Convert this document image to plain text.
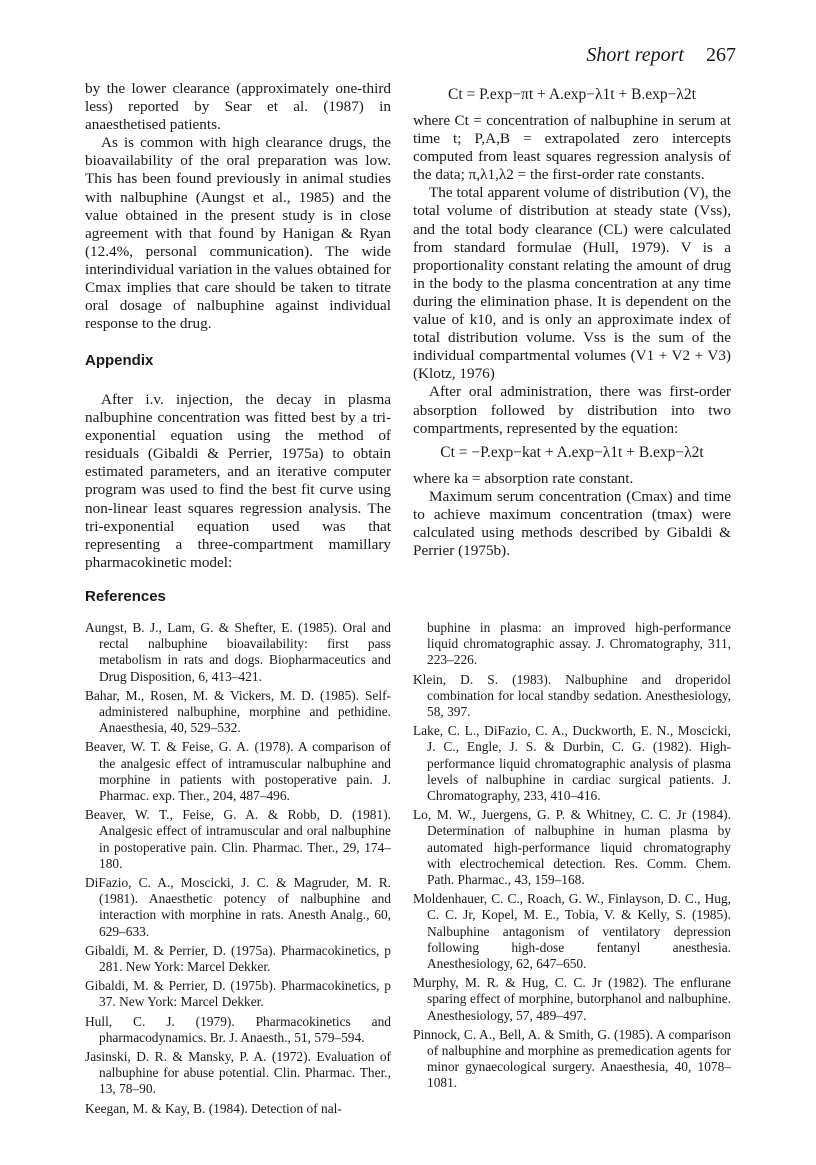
Short report 267

by the lower clearance (approximately one-third less) reported by Sear et al. (1987) in anaesthetised patients.

As is common with high clearance drugs, the bioavailability of the oral preparation was low. This has been found previously in animal studies with nalbuphine (Aungst et al., 1985) and the value obtained in the present study is in close agreement with that found by Hanigan & Ryan (12.4%, personal communication). The wide interindividual variation in the values obtained for Cmax implies that care should be taken to titrate oral dosage of nalbuphine against individual response to the drug.

Appendix

After i.v. injection, the decay in plasma nalbuphine concentration was fitted best by a tri-exponential equation using the method of residuals (Gibaldi & Perrier, 1975a) to obtain estimated parameters, and an iterative computer program was used to find the best fit curve using non-linear least squares regression analysis. The tri-exponential equation used was that representing a three-compartment mamillary pharmacokinetic model:

Ct = P.exp−πt + A.exp−λ1t + B.exp−λ2t

where Ct = concentration of nalbuphine in serum at time t; P,A,B = extrapolated zero intercepts computed from least squares regression analysis of the data; π,λ1,λ2 = the first-order rate constants.

The total apparent volume of distribution (V), the total volume of distribution at steady state (Vss), and the total body clearance (CL) were calculated from standard formulae (Hull, 1979). V is a proportionality constant relating the amount of drug in the body to the plasma concentration at any time during the elimination phase. It is dependent on the value of k10, and is only an approximate index of total distribution volume. Vss is the sum of the individual compartmental volumes (V1 + V2 + V3) (Klotz, 1976)

After oral administration, there was first-order absorption followed by distribution into two compartments, represented by the equation:

Ct = −P.exp−kat + A.exp−λ1t + B.exp−λ2t

where ka = absorption rate constant.

Maximum serum concentration (Cmax) and time to achieve maximum concentration (tmax) were calculated using methods described by Gibaldi & Perrier (1975b).

References

Aungst, B. J., Lam, G. & Shefter, E. (1985). Oral and rectal nalbuphine bioavailability: first pass metabolism in rats and dogs. Biopharmaceutics and Drug Disposition, 6, 413–421.

Bahar, M., Rosen, M. & Vickers, M. D. (1985). Self-administered nalbuphine, morphine and pethidine. Anaesthesia, 40, 529–532.

Beaver, W. T. & Feise, G. A. (1978). A comparison of the analgesic effect of intramuscular nalbuphine and morphine in patients with postoperative pain. J. Pharmac. exp. Ther., 204, 487–496.

Beaver, W. T., Feise, G. A. & Robb, D. (1981). Analgesic effect of intramuscular and oral nalbuphine in postoperative pain. Clin. Pharmac. Ther., 29, 174–180.

DiFazio, C. A., Moscicki, J. C. & Magruder, M. R. (1981). Anaesthetic potency of nalbuphine and interaction with morphine in rats. Anesth Analg., 60, 629–633.

Gibaldi, M. & Perrier, D. (1975a). Pharmacokinetics, p 281. New York: Marcel Dekker.

Gibaldi, M. & Perrier, D. (1975b). Pharmacokinetics, p 37. New York: Marcel Dekker.

Hull, C. J. (1979). Pharmacokinetics and pharmacodynamics. Br. J. Anaesth., 51, 579–594.

Jasinski, D. R. & Mansky, P. A. (1972). Evaluation of nalbuphine for abuse potential. Clin. Pharmac. Ther., 13, 78–90.

Keegan, M. & Kay, B. (1984). Detection of nal-

buphine in plasma: an improved high-performance liquid chromatographic assay. J. Chromatography, 311, 223–226.

Klein, D. S. (1983). Nalbuphine and droperidol combination for local standby sedation. Anesthesiology, 58, 397.

Lake, C. L., DiFazio, C. A., Duckworth, E. N., Moscicki, J. C., Engle, J. S. & Durbin, C. G. (1982). High-performance liquid chromatographic analysis of plasma levels of nalbuphine in cardiac surgical patients. J. Chromatography, 233, 410–416.

Lo, M. W., Juergens, G. P. & Whitney, C. C. Jr (1984). Determination of nalbuphine in human plasma by automated high-performance liquid chromatography with electrochemical detection. Res. Comm. Chem. Path. Pharmac., 43, 159–168.

Moldenhauer, C. C., Roach, G. W., Finlayson, D. C., Hug, C. C. Jr, Kopel, M. E., Tobia, V. & Kelly, S. (1985). Nalbuphine antagonism of ventilatory depression following high-dose fentanyl anesthesia. Anesthesiology, 62, 647–650.

Murphy, M. R. & Hug, C. C. Jr (1982). The enflurane sparing effect of morphine, butorphanol and nalbuphine. Anesthesiology, 57, 489–497.

Pinnock, C. A., Bell, A. & Smith, G. (1985). A comparison of nalbuphine and morphine as premedication agents for minor gynaecological surgery. Anaesthesia, 40, 1078–1081.
